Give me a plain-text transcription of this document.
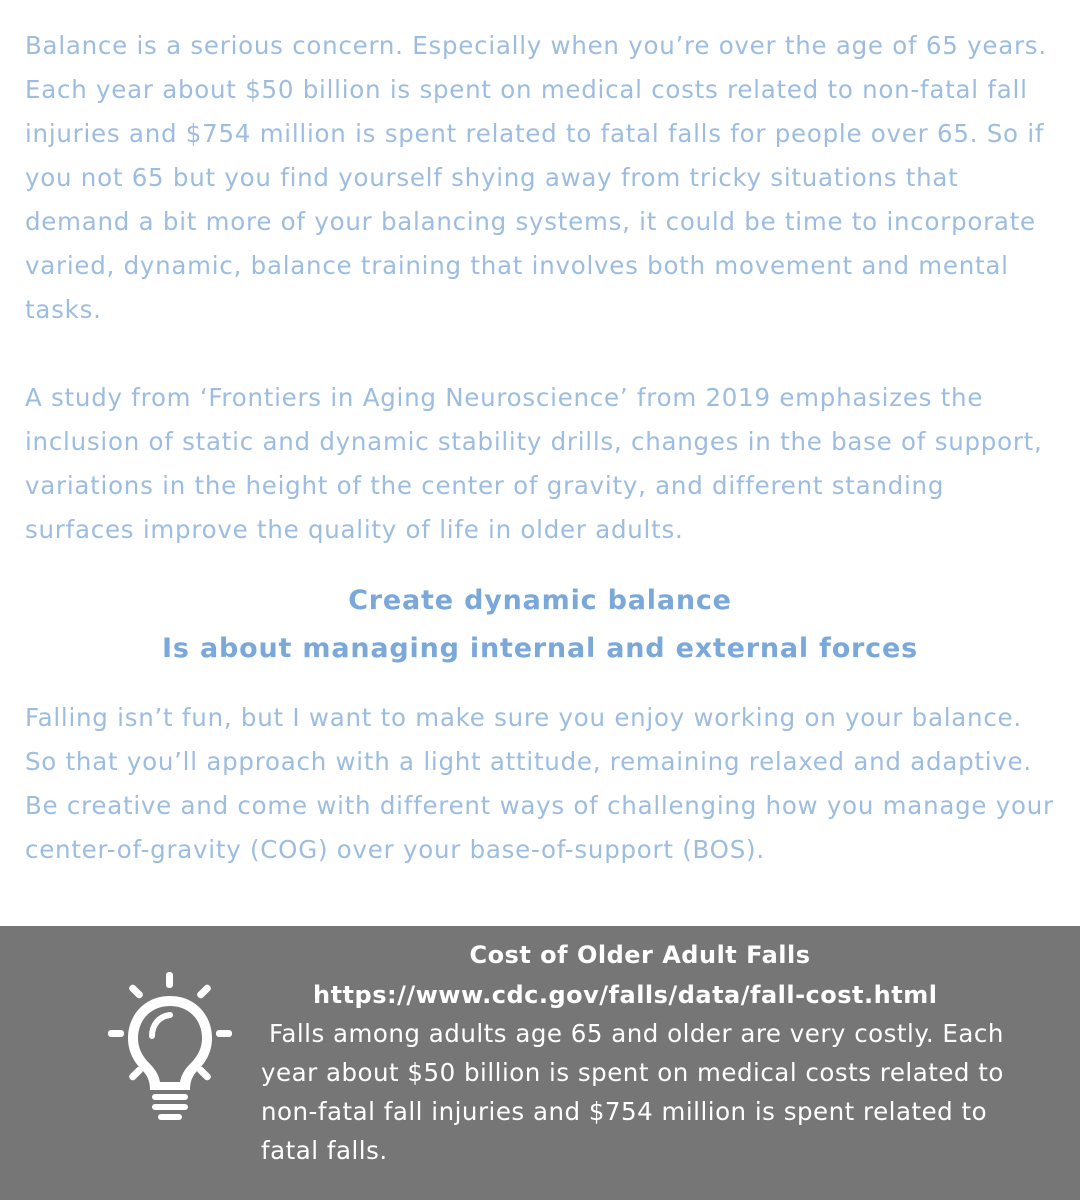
Balance is a serious concern. Especially when you’re over the age of 65 years. Each year about $50 billion is spent on medical costs related to non-fatal fall injuries and $754 million is spent related to fatal falls for people over 65. So if you not 65 but you find yourself shying away from tricky situations that demand a bit more of your balancing systems, it could be time to incorporate varied, dynamic, balance training that involves both movement and mental tasks.

A study from ‘Frontiers in Aging Neuroscience’ from 2019 emphasizes the inclusion of static and dynamic stability drills, changes in the base of support, variations in the height of the center of gravity, and different standing surfaces improve the quality of life in older adults.

Create dynamic balance
Is about managing internal and external forces

Falling isn’t fun, but I want to make sure you enjoy working on your balance. So that you’ll approach with a light attitude, remaining relaxed and adaptive. Be creative and come with different ways of challenging how you manage your center-of-gravity (COG) over your base-of-support (BOS).

Cost of Older Adult Falls

https://www.cdc.gov/falls/data/fall-cost.html

Falls among adults age 65 and older are very costly. Each year about $50 billion is spent on medical costs related to non-fatal fall injuries and $754 million is spent related to fatal falls.
